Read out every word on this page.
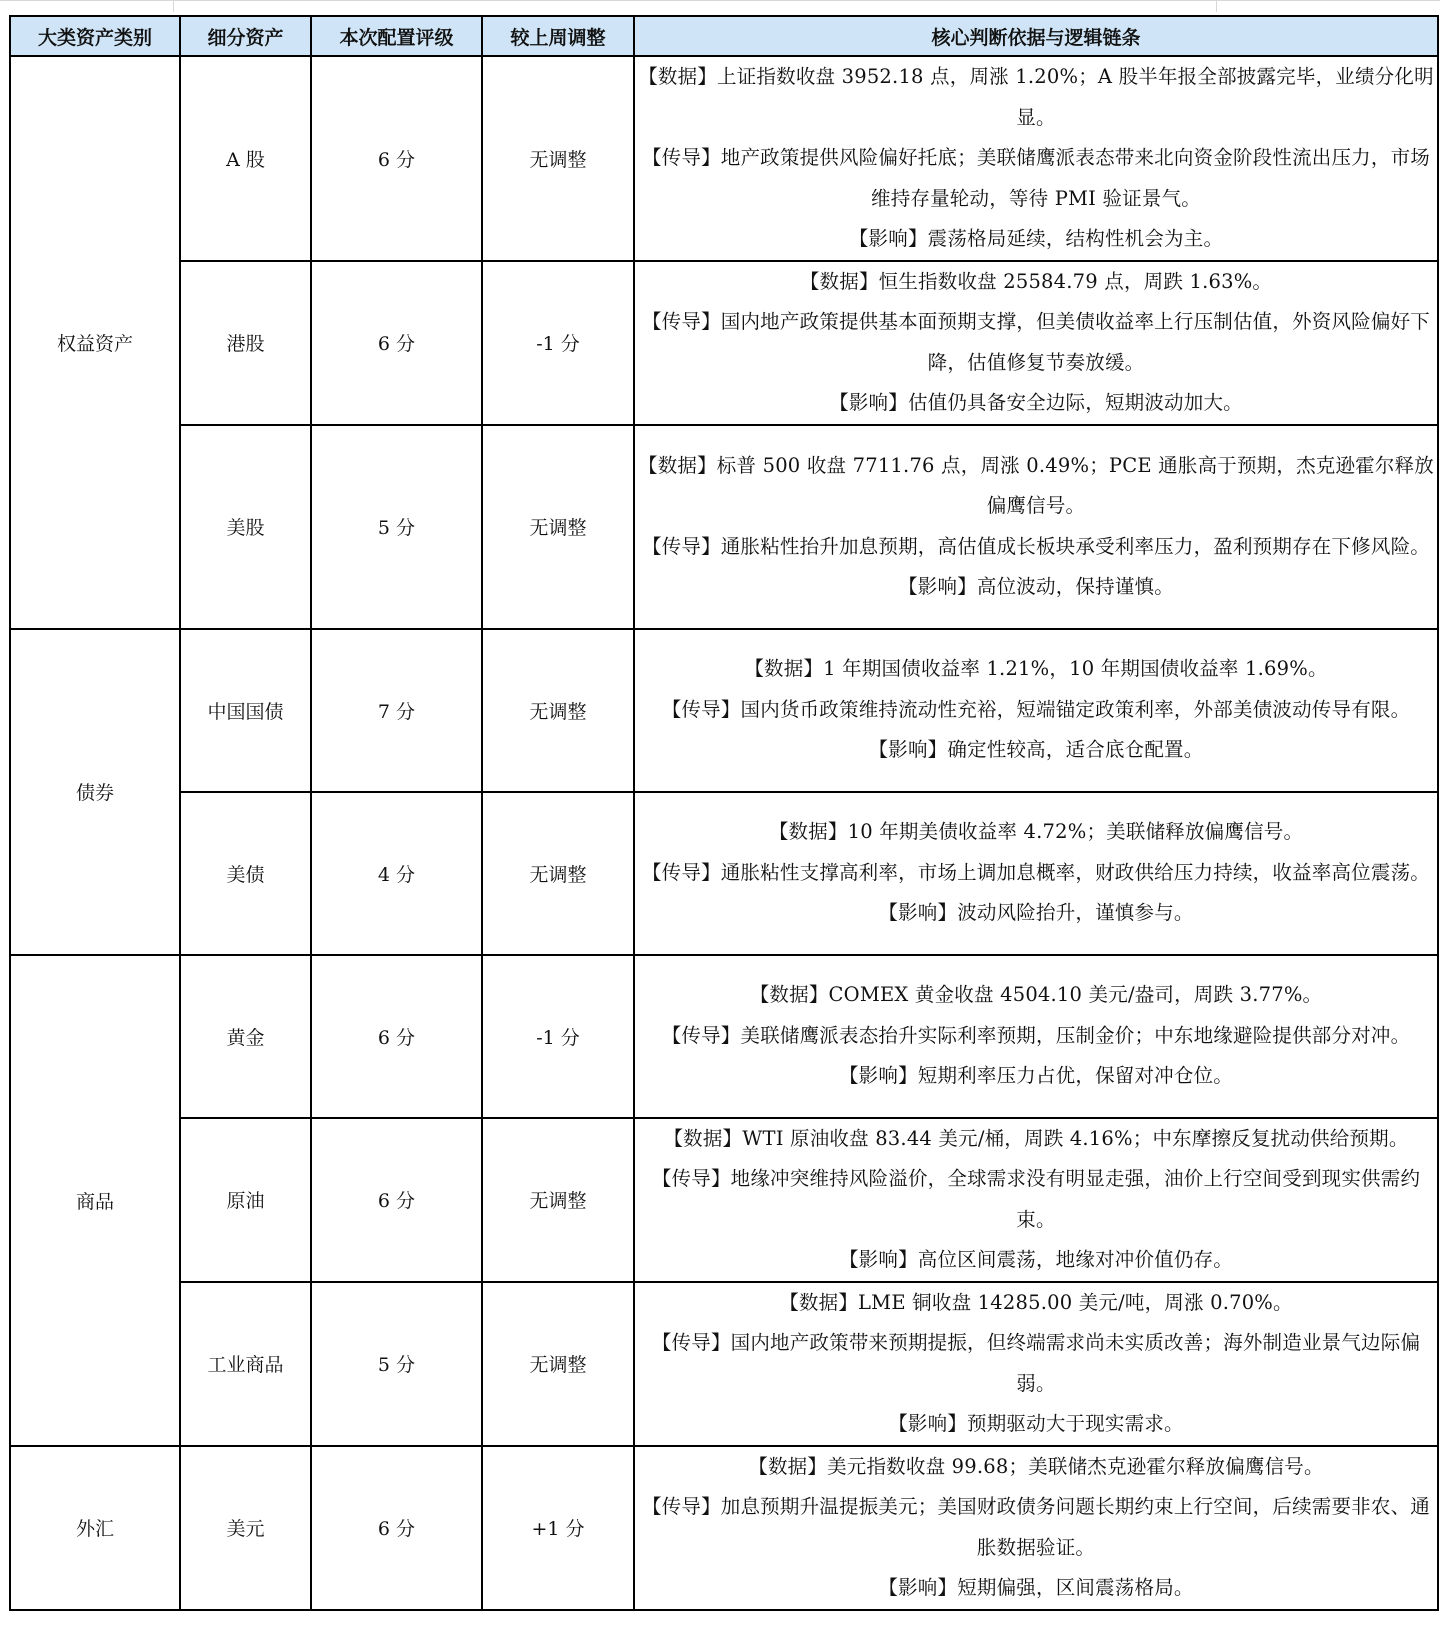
大类资产类别	细分资产	本次配置评级	较上周调整	核心判断依据与逻辑链条
权益资产	A 股	6 分	无调整	【数据】上证指数收盘 3952.18 点，周涨 1.20%；A 股半年报全部披露完毕，业绩分化明显。

【传导】地产政策提供风险偏好托底；美联储鹰派表态带来北向资金阶段性流出压力，市场维持存量轮动，等待 PMI 验证景气。

【影响】震荡格局延续，结构性机会为主。

	港股	6 分	-1 分	【数据】恒生指数收盘 25584.79 点，周跌 1.63%。

【传导】国内地产政策提供基本面预期支撑，但美债收益率上行压制估值，外资风险偏好下降，估值修复节奏放缓。

【影响】估值仍具备安全边际，短期波动加大。

	美股	5 分	无调整	【数据】标普 500 收盘 7711.76 点，周涨 0.49%；PCE 通胀高于预期，杰克逊霍尔释放偏鹰信号。

【传导】通胀粘性抬升加息预期，高估值成长板块承受利率压力，盈利预期存在下修风险。

【影响】高位波动，保持谨慎。

债券	中国国债	7 分	无调整	【数据】1 年期国债收益率 1.21%，10 年期国债收益率 1.69%。

【传导】国内货币政策维持流动性充裕，短端锚定政策利率，外部美债波动传导有限。

【影响】确定性较高，适合底仓配置。

	美债	4 分	无调整	【数据】10 年期美债收益率 4.72%；美联储释放偏鹰信号。

【传导】通胀粘性支撑高利率，市场上调加息概率，财政供给压力持续，收益率高位震荡。

【影响】波动风险抬升，谨慎参与。

商品	黄金	6 分	-1 分	【数据】COMEX 黄金收盘 4504.10 美元/盎司，周跌 3.77%。

【传导】美联储鹰派表态抬升实际利率预期，压制金价；中东地缘避险提供部分对冲。

【影响】短期利率压力占优，保留对冲仓位。

	原油	6 分	无调整	【数据】WTI 原油收盘 83.44 美元/桶，周跌 4.16%；中东摩擦反复扰动供给预期。

【传导】地缘冲突维持风险溢价，全球需求没有明显走强，油价上行空间受到现实供需约束。

【影响】高位区间震荡，地缘对冲价值仍存。

	工业商品	5 分	无调整	【数据】LME 铜收盘 14285.00 美元/吨，周涨 0.70%。

【传导】国内地产政策带来预期提振，但终端需求尚未实质改善；海外制造业景气边际偏弱。

【影响】预期驱动大于现实需求。

外汇	美元	6 分	+1 分	【数据】美元指数收盘 99.68；美联储杰克逊霍尔释放偏鹰信号。

【传导】加息预期升温提振美元；美国财政债务问题长期约束上行空间，后续需要非农、通胀数据验证。

【影响】短期偏强，区间震荡格局。
